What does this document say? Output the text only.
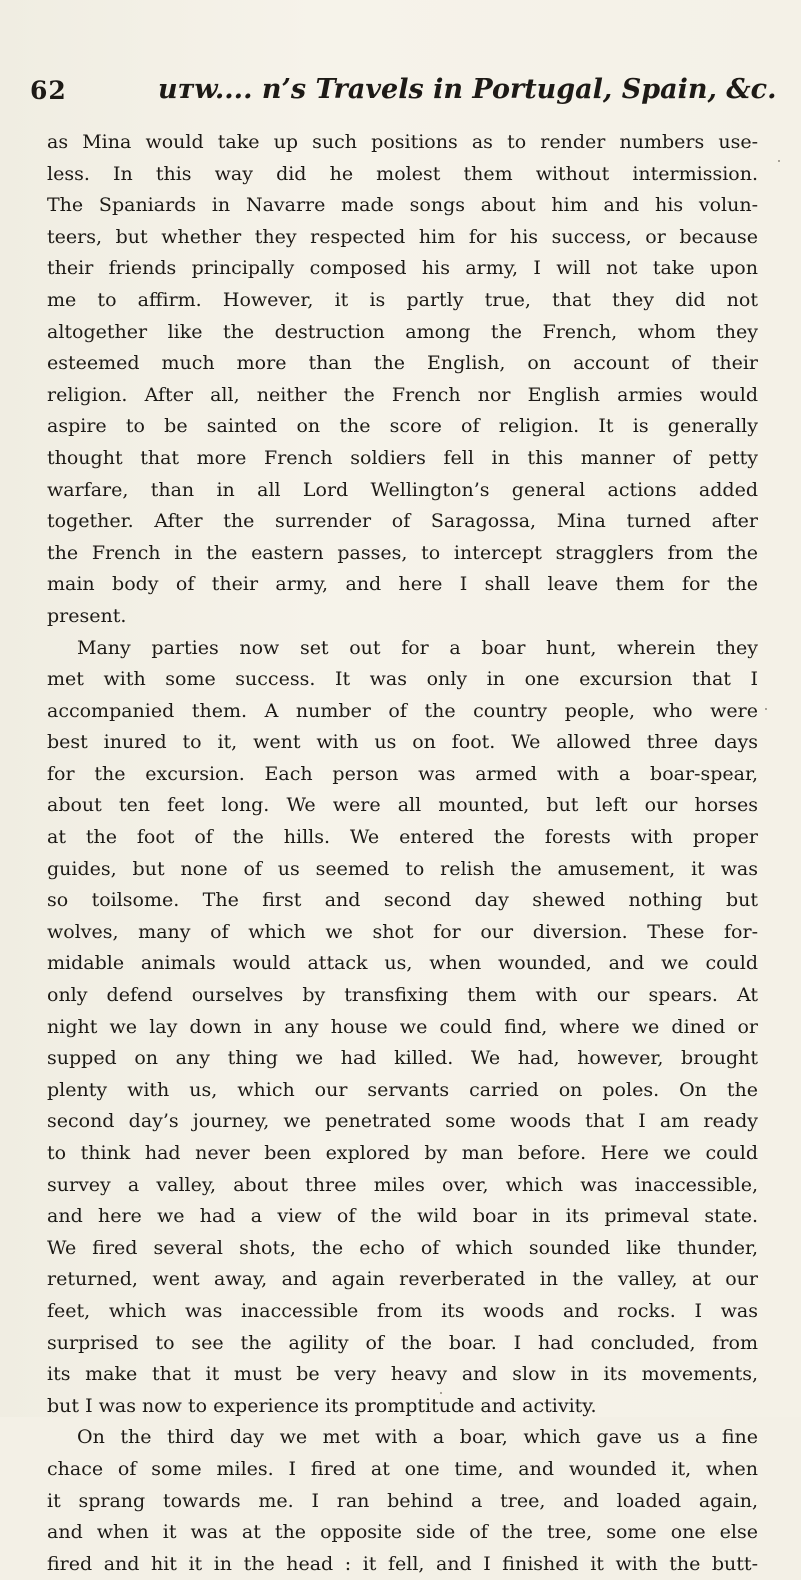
62	uᴛw.... n’s Travels in Portugal, Spain, &c.
as Mina would take up such positions as to render numbers use-
less. In this way did he molest them without intermission.
The Spaniards in Navarre made songs about him and his volun-
teers, but whether they respected him for his success, or because
their friends principally composed his army, I will not take upon
me to affirm. However, it is partly true, that they did not
altogether like the destruction among the French, whom they
esteemed much more than the English, on account of their
religion. After all, neither the French nor English armies would
aspire to be sainted on the score of religion. It is generally
thought that more French soldiers fell in this manner of petty
warfare, than in all Lord Wellington’s general actions added
together. After the surrender of Saragossa, Mina turned after
the French in the eastern passes, to intercept stragglers from the
main body of their army, and here I shall leave them for the
present.
Many parties now set out for a boar hunt, wherein they
met with some success. It was only in one excursion that I
accompanied them. A number of the country people, who were
best inured to it, went with us on foot. We allowed three days
for the excursion. Each person was armed with a boar-spear,
about ten feet long. We were all mounted, but left our horses
at the foot of the hills. We entered the forests with proper
guides, but none of us seemed to relish the amusement, it was
so toilsome. The first and second day shewed nothing but
wolves, many of which we shot for our diversion. These for-
midable animals would attack us, when wounded, and we could
only defend ourselves by transfixing them with our spears. At
night we lay down in any house we could find, where we dined or
supped on any thing we had killed. We had, however, brought
plenty with us, which our servants carried on poles. On the
second day’s journey, we penetrated some woods that I am ready
to think had never been explored by man before. Here we could
survey a valley, about three miles over, which was inaccessible,
and here we had a view of the wild boar in its primeval state.
We fired several shots, the echo of which sounded like thunder,
returned, went away, and again reverberated in the valley, at our
feet, which was inaccessible from its woods and rocks. I was
surprised to see the agility of the boar. I had concluded, from
its make that it must be very heavy and slow in its movements,
but I was now to experience its promptitude and activity.
On the third day we met with a boar, which gave us a fine
chace of some miles. I fired at one time, and wounded it, when
it sprang towards me. I ran behind a tree, and loaded again,
and when it was at the opposite side of the tree, some one else
fired and hit it in the head : it fell, and I finished it with the butt-
